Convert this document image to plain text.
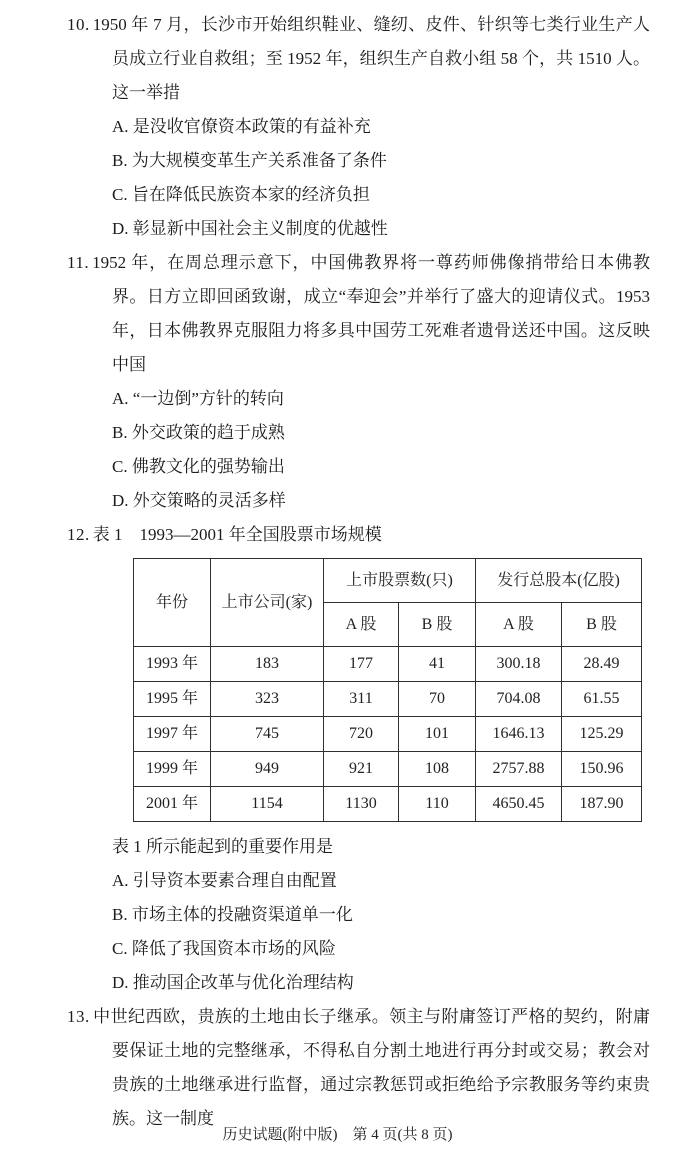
10. 1950 年 7 月，长沙市开始组织鞋业、缝纫、皮件、针织等七类行业生产人员成立行业自救组；至 1952 年，组织生产自救小组 58 个，共 1510 人。这一举措

A. 是没收官僚资本政策的有益补充
B. 为大规模变革生产关系准备了条件
C. 旨在降低民族资本家的经济负担
D. 彰显新中国社会主义制度的优越性

11. 1952 年，在周总理示意下，中国佛教界将一尊药师佛像捎带给日本佛教界。日方立即回函致谢，成立“奉迎会”并举行了盛大的迎请仪式。1953 年，日本佛教界克服阻力将多具中国劳工死难者遗骨送还中国。这反映中国

A. “一边倒”方针的转向
B. 外交政策的趋于成熟
C. 佛教文化的强势输出
D. 外交策略的灵活多样

12. 表 1　1993—2001 年全国股票市场规模

年份	上市公司(家)	上市股票数(只)		发行总股本(亿股)	
		A 股	B 股	A 股	B 股
1993 年	183	177	41	300.18	28.49
1995 年	323	311	70	704.08	61.55
1997 年	745	720	101	1646.13	125.29
1999 年	949	921	108	2757.88	150.96
2001 年	1154	1130	110	4650.45	187.90
表 1 所示能起到的重要作用是
A. 引导资本要素合理自由配置
B. 市场主体的投融资渠道单一化
C. 降低了我国资本市场的风险
D. 推动国企改革与优化治理结构

13. 中世纪西欧，贵族的土地由长子继承。领主与附庸签订严格的契约，附庸要保证土地的完整继承，不得私自分割土地进行再分封或交易；教会对贵族的土地继承进行监督，通过宗教惩罚或拒绝给予宗教服务等约束贵族。这一制度

历史试题(附中版)　第 4 页(共 8 页)
